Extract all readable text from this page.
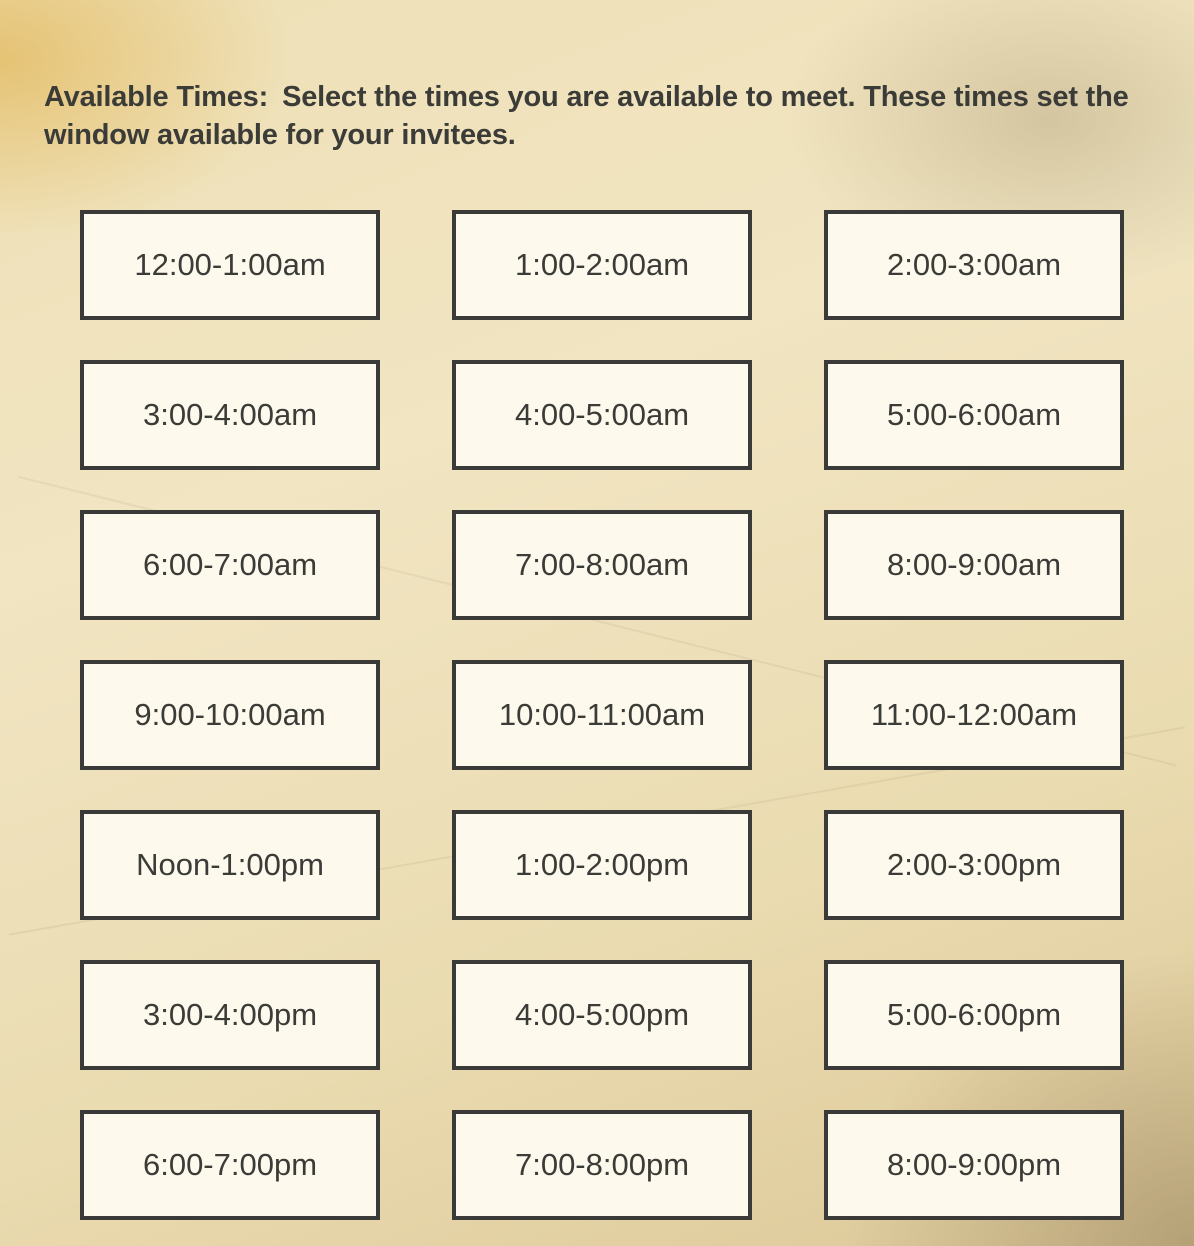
Available Times: Select the times you are available to meet. These times set the window available for your invitees.
12:00-1:00am	1:00-2:00am	2:00-3:00am
3:00-4:00am	4:00-5:00am	5:00-6:00am
6:00-7:00am	7:00-8:00am	8:00-9:00am
9:00-10:00am	10:00-11:00am	11:00-12:00am
Noon-1:00pm	1:00-2:00pm	2:00-3:00pm
3:00-4:00pm	4:00-5:00pm	5:00-6:00pm
6:00-7:00pm	7:00-8:00pm	8:00-9:00pm
